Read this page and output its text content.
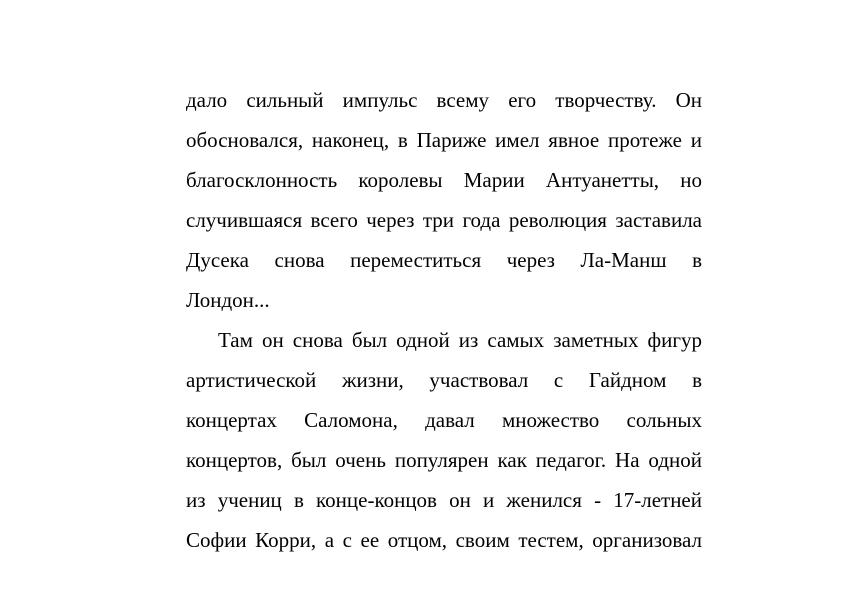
дало сильный импульс всему его творчеству. Он
обосновался, наконец, в Париже имел явное протеже и
благосклонность королевы Марии Антуанетты, но
случившаяся всего через три года революция заставила
Дусека снова переместиться через Ла-Манш в
Лондон...
Там он снова был одной из самых заметных фигур
артистической жизни, участвовал с Гайдном в
концертах Саломона, давал множество сольных
концертов, был очень популярен как педагог. На одной
из учениц в конце-концов он и женился - 17-летней
Софии Корри, а с ее отцом, своим тестем, организовал
